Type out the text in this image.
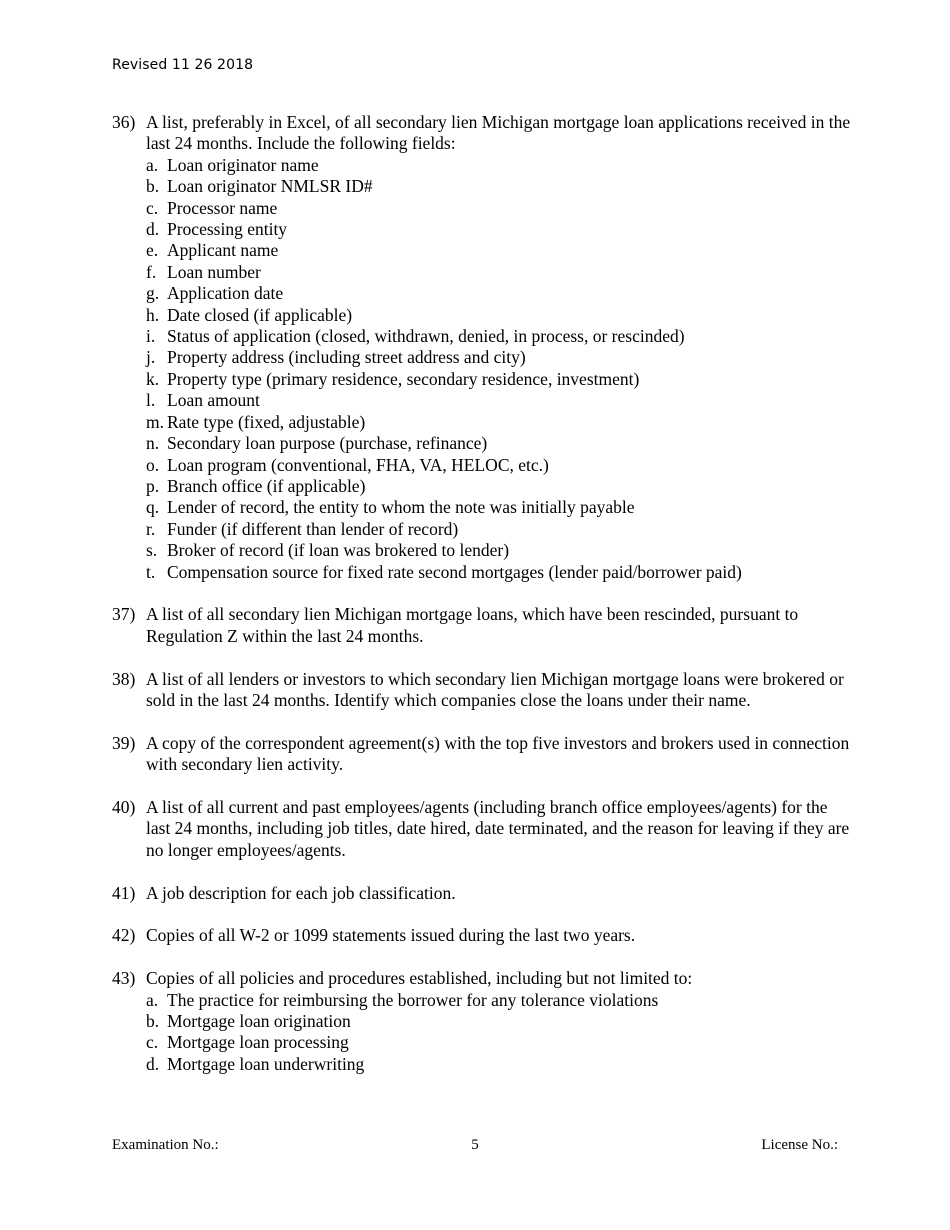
Revised 11 26 2018
36) A list, preferably in Excel, of all secondary lien Michigan mortgage loan applications received in the last 24 months. Include the following fields:
a. Loan originator name
b. Loan originator NMLSR ID#
c. Processor name
d. Processing entity
e. Applicant name
f. Loan number
g. Application date
h. Date closed (if applicable)
i. Status of application (closed, withdrawn, denied, in process, or rescinded)
j. Property address (including street address and city)
k. Property type (primary residence, secondary residence, investment)
l. Loan amount
m. Rate type (fixed, adjustable)
n. Secondary loan purpose (purchase, refinance)
o. Loan program (conventional, FHA, VA, HELOC, etc.)
p. Branch office (if applicable)
q. Lender of record, the entity to whom the note was initially payable
r. Funder (if different than lender of record)
s. Broker of record (if loan was brokered to lender)
t. Compensation source for fixed rate second mortgages (lender paid/borrower paid)
37) A list of all secondary lien Michigan mortgage loans, which have been rescinded, pursuant to Regulation Z within the last 24 months.
38) A list of all lenders or investors to which secondary lien Michigan mortgage loans were brokered or sold in the last 24 months. Identify which companies close the loans under their name.
39) A copy of the correspondent agreement(s) with the top five investors and brokers used in connection with secondary lien activity.
40) A list of all current and past employees/agents (including branch office employees/agents) for the last 24 months, including job titles, date hired, date terminated, and the reason for leaving if they are no longer employees/agents.
41) A job description for each job classification.
42) Copies of all W-2 or 1099 statements issued during the last two years.
43) Copies of all policies and procedures established, including but not limited to:
a. The practice for reimbursing the borrower for any tolerance violations
b. Mortgage loan origination
c. Mortgage loan processing
d. Mortgage loan underwriting
Examination No.:	5	License No.:
